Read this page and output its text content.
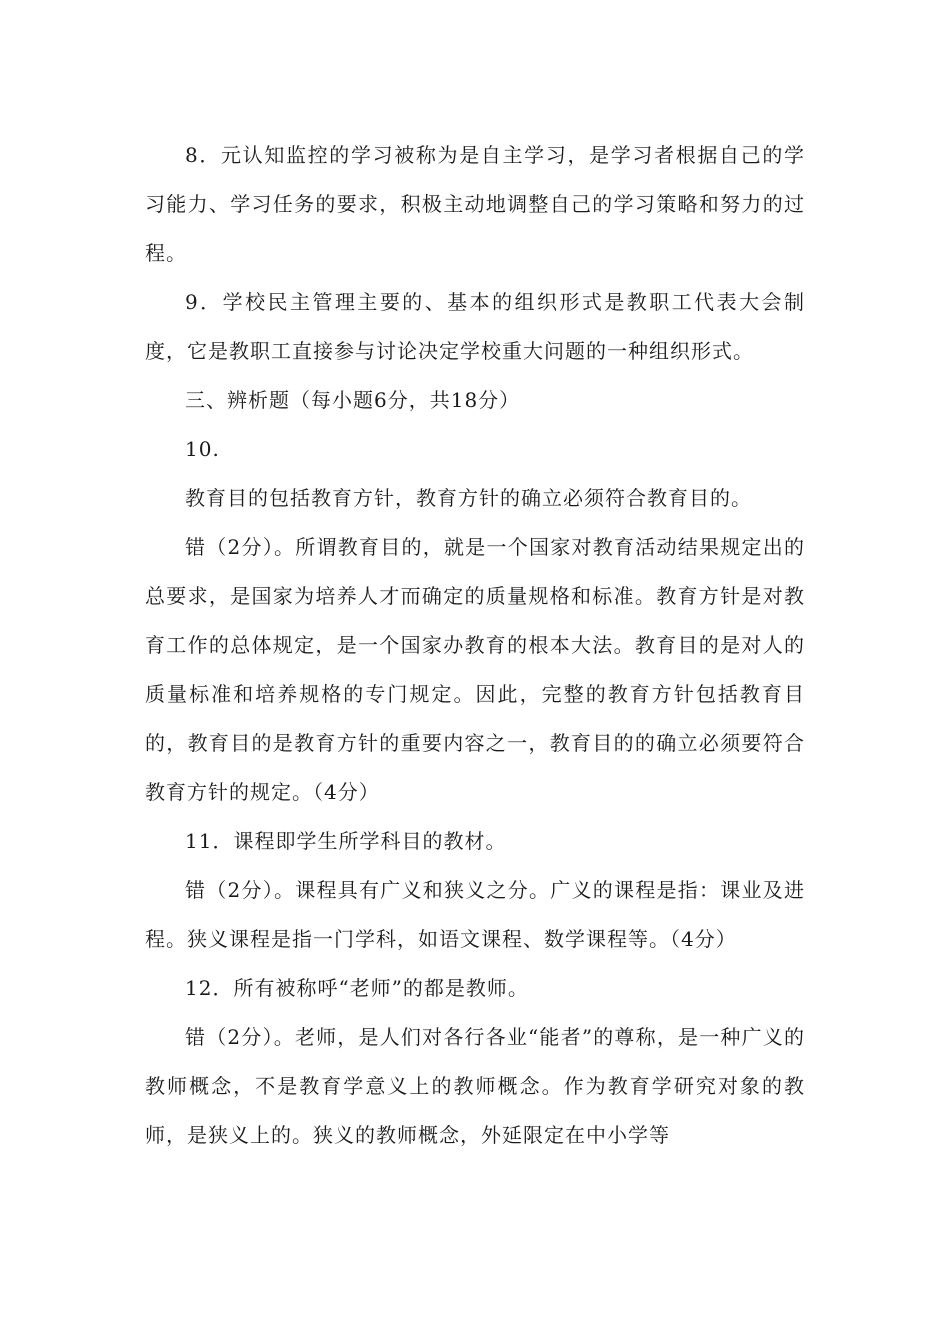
8．元认知监控的学习被称为是自主学习，是学习者根据自己的学习能力、学习任务的要求，积极主动地调整自己的学习策略和努力的过程。

9．学校民主管理主要的、基本的组织形式是教职工代表大会制度，它是教职工直接参与讨论决定学校重大问题的一种组织形式。

三、辨析题（每小题6分，共18分）

10.

教育目的包括教育方针，教育方针的确立必须符合教育目的。

错（2分）。所谓教育目的，就是一个国家对教育活动结果规定出的总要求，是国家为培养人才而确定的质量规格和标准。教育方针是对教育工作的总体规定，是一个国家办教育的根本大法。教育目的是对人的质量标准和培养规格的专门规定。因此，完整的教育方针包括教育目的，教育目的是教育方针的重要内容之一，教育目的的确立必须要符合教育方针的规定。（4分）

11．课程即学生所学科目的教材。

错（2分）。课程具有广义和狭义之分。广义的课程是指：课业及进程。狭义课程是指一门学科，如语文课程、数学课程等。（4分）

12．所有被称呼“老师”的都是教师。

错（2分）。老师，是人们对各行各业“能者”的尊称，是一种广义的教师概念，不是教育学意义上的教师概念。作为教育学研究对象的教师，是狭义上的。狭义的教师概念，外延限定在中小学等
